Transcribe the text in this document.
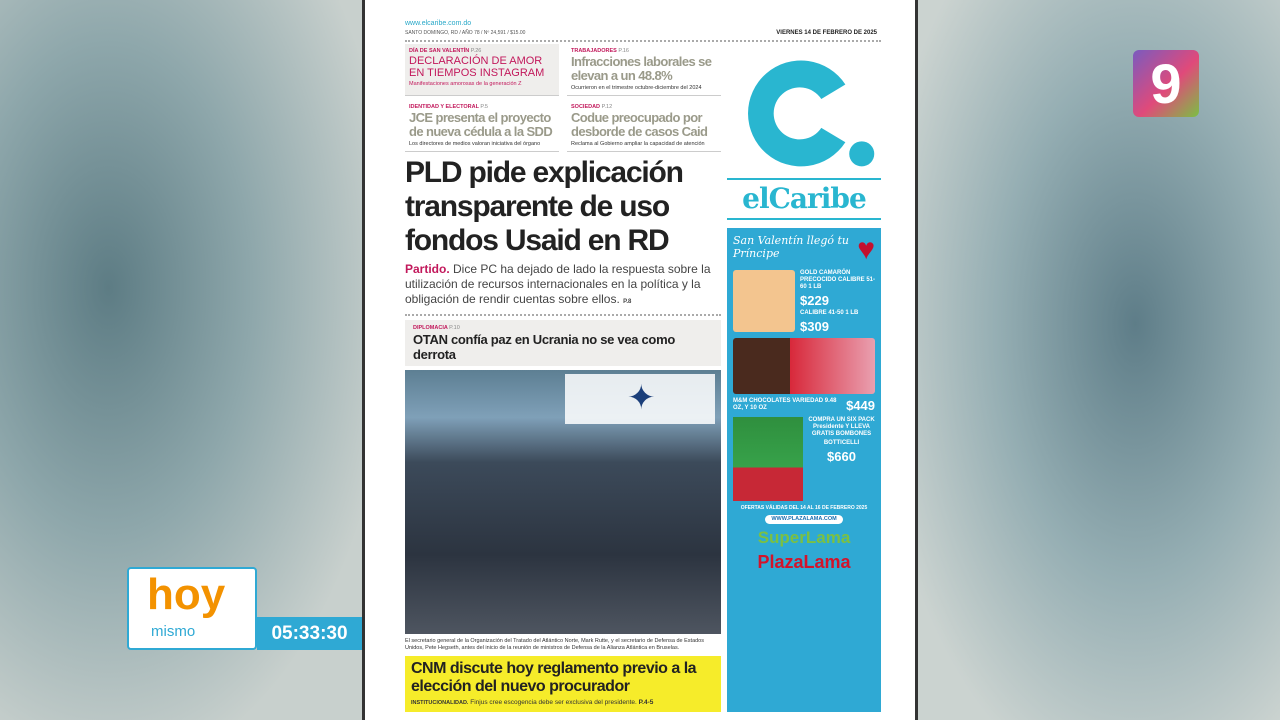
www.elcaribe.com.do
SANTO DOMINGO, RD / AÑO 78 / Nº 24,591 / $15.00	VIERNES 14 DE FEBRERO DE 2025
DÍA DE SAN VALENTÍN P.26
DECLARACIÓN DE AMOR EN TIEMPOS INSTAGRAM
Manifestaciones amorosas de la generación Z
TRABAJADORES P.16
Infracciones laborales se elevan a un 48.8%
Ocurrieron en el trimestre octubre-diciembre del 2024
IDENTIDAD Y ELECTORAL P.5
JCE presenta el proyecto de nueva cédula a la SDD
Los directores de medios valoran iniciativa del órgano
SOCIEDAD P.12
Codue preocupado por desborde de casos Caid
Reclama al Gobierno ampliar la capacidad de atención
PLD pide explicación transparente de uso fondos Usaid en RD
Partido. Dice PC ha dejado de lado la respuesta sobre la utilización de recursos internacionales en la política y la obligación de rendir cuentas sobre ellos. P.8
DIPLOMACIA P.10
OTAN confía paz en Ucrania no se vea como derrota
✦
El secretario general de la Organización del Tratado del Atlántico Norte, Mark Rutte, y el secretario de Defensa de Estados Unidos, Pete Hegseth, antes del inicio de la reunión de ministros de Defensa de la Alianza Atlántica en Bruselas.
CNM discute hoy reglamento previo a la elección del nuevo procurador

INSTITUCIONALIDAD. Finjus cree escogencia debe ser exclusiva del presidente. P.4-5

elCaribe
San Valentín llegó tu Príncipe	♥
GOLD CAMARÓN PRECOCIDO CALIBRE 51-60 1 LB
$229
CALIBRE 41-50 1 LB
$309
M&M CHOCOLATES VARIEDAD 9.48 OZ, Y 10 OZ	$449
COMPRA UN SIX PACK Presidente Y LLEVA GRATIS BOMBONES
BOTTICELLI
$660
OFERTAS VÁLIDAS DEL 14 AL 16 DE FEBRERO 2025
WWW.PLAZALAMA.COM
SuperLama
PlazaLama
9
hoy
mismo	05:33:30
